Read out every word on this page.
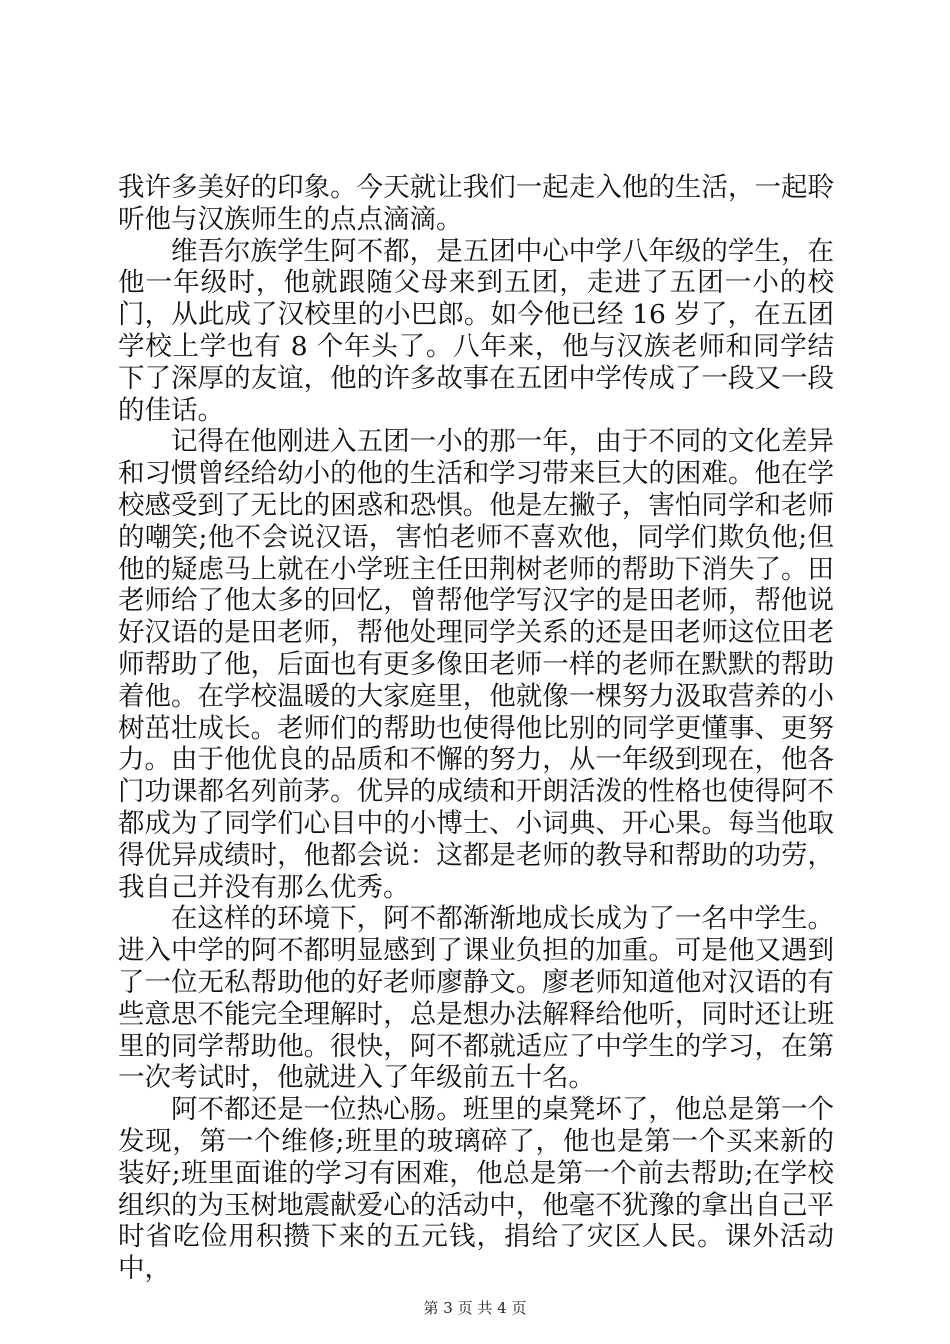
我许多美好的印象。今天就让我们一起走入他的生活，一起聆听他与汉族师生的点点滴滴。

维吾尔族学生阿不都，是五团中心中学八年级的学生，在他一年级时，他就跟随父母来到五团，走进了五团一小的校门，从此成了汉校里的小巴郎。如今他已经 16 岁了，在五团学校上学也有 8 个年头了。八年来，他与汉族老师和同学结下了深厚的友谊，他的许多故事在五团中学传成了一段又一段的佳话。

记得在他刚进入五团一小的那一年，由于不同的文化差异和习惯曾经给幼小的他的生活和学习带来巨大的困难。他在学校感受到了无比的困惑和恐惧。他是左撇子，害怕同学和老师的嘲笑;他不会说汉语，害怕老师不喜欢他，同学们欺负他;但他的疑虑马上就在小学班主任田荆树老师的帮助下消失了。田老师给了他太多的回忆，曾帮他学写汉字的是田老师，帮他说好汉语的是田老师，帮他处理同学关系的还是田老师这位田老师帮助了他，后面也有更多像田老师一样的老师在默默的帮助着他。在学校温暖的大家庭里，他就像一棵努力汲取营养的小树茁壮成长。老师们的帮助也使得他比别的同学更懂事、更努力。由于他优良的品质和不懈的努力，从一年级到现在，他各门功课都名列前茅。优异的成绩和开朗活泼的性格也使得阿不都成为了同学们心目中的小博士、小词典、开心果。每当他取得优异成绩时，他都会说：这都是老师的教导和帮助的功劳，我自己并没有那么优秀。

在这样的环境下，阿不都渐渐地成长成为了一名中学生。进入中学的阿不都明显感到了课业负担的加重。可是他又遇到了一位无私帮助他的好老师廖静文。廖老师知道他对汉语的有些意思不能完全理解时，总是想办法解释给他听，同时还让班里的同学帮助他。很快，阿不都就适应了中学生的学习，在第一次考试时，他就进入了年级前五十名。

阿不都还是一位热心肠。班里的桌凳坏了，他总是第一个发现，第一个维修;班里的玻璃碎了，他也是第一个买来新的装好;班里面谁的学习有困难，他总是第一个前去帮助;在学校组织的为玉树地震献爱心的活动中，他毫不犹豫的拿出自己平时省吃俭用积攒下来的五元钱，捐给了灾区人民。课外活动中，

第 3 页 共 4 页
